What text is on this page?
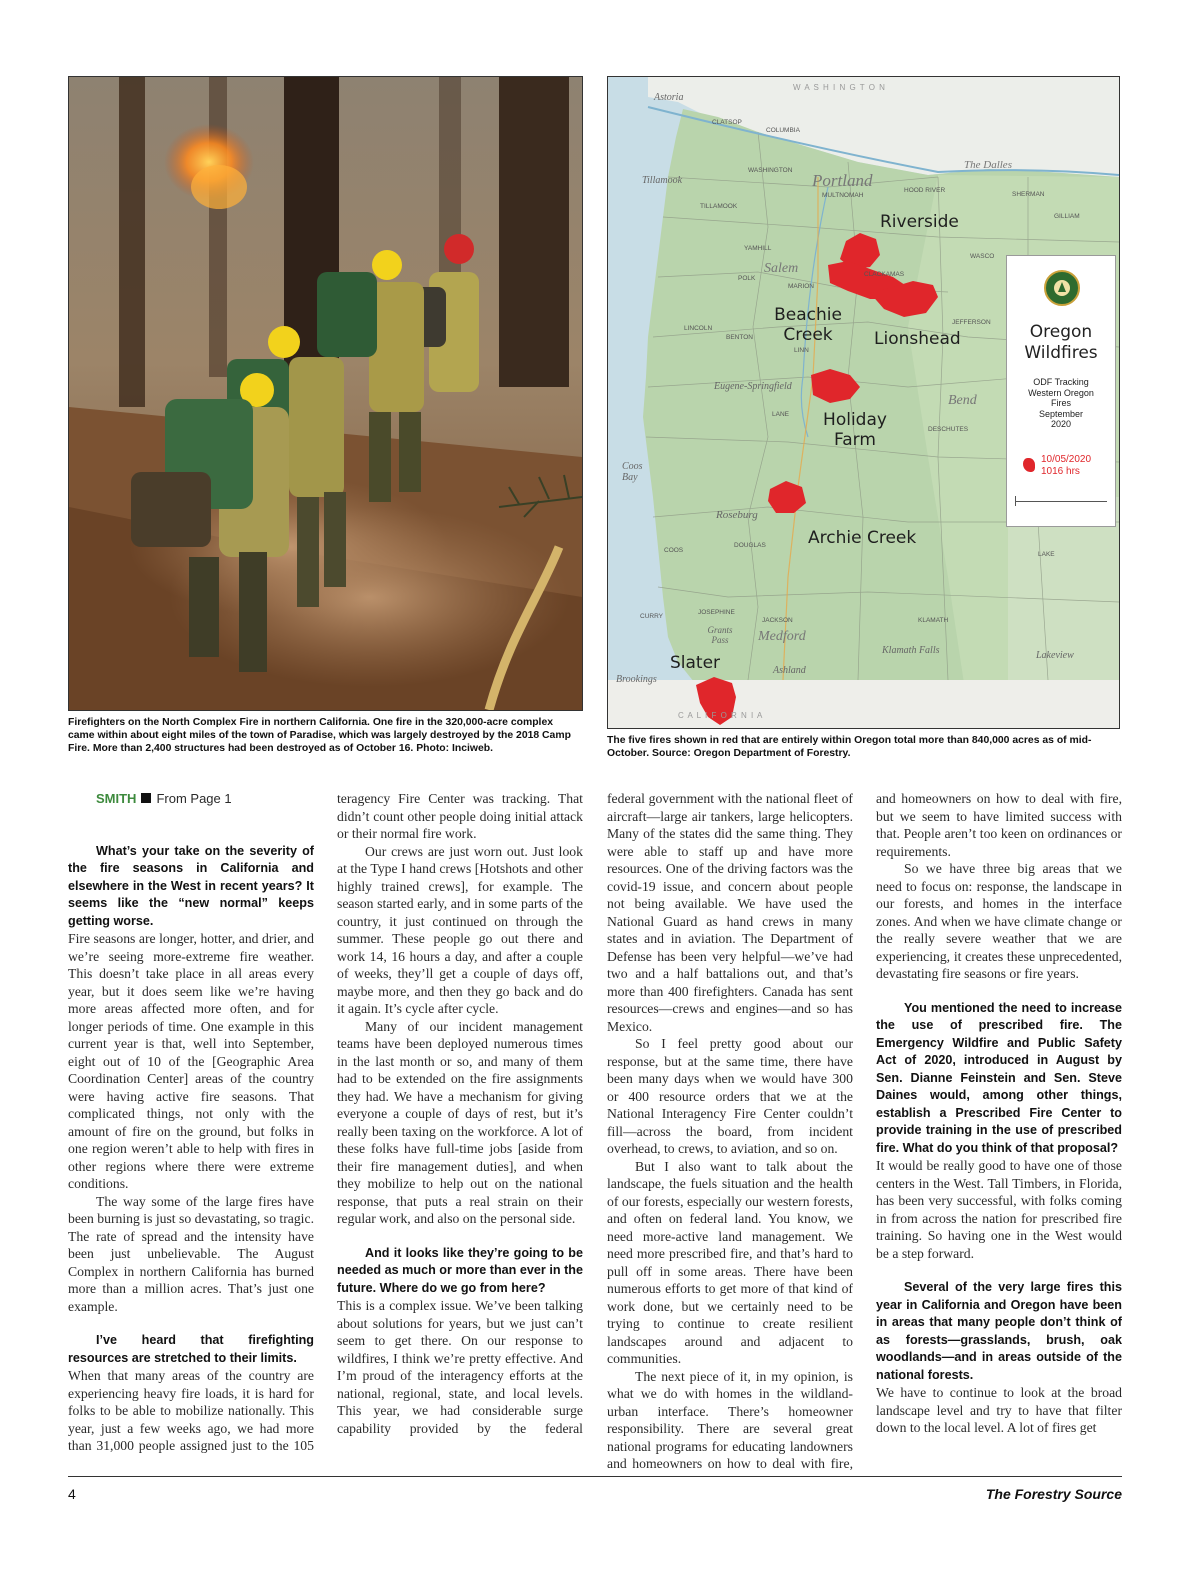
Firefighters on the North Complex Fire in northern California. One fire in the 320,000-acre complex came within about eight miles of the town of Paradise, which was largely destroyed by the 2018 Camp Fire. More than 2,400 structures had been destroyed as of October 16. Photo: Inciweb.
W A S H I N G T O N
C A L I F O R N I A
Astoria
Tillamook	Portland
The Dalles
Salem
Eugene-Springfield
Bend
Coos Bay
Roseburg
Grants Pass	Medford
Ashland
Klamath Falls	Lakeview
Brookings
CLATSOP
COLUMBIA
WASHINGTON
TILLAMOOK
MULTNOMAH
HOOD RIVER
SHERMAN
GILLIAM
WASCO
YAMHILL
POLK
MARION
CLACKAMAS
LINCOLN
BENTON
LINN
JEFFERSON
LANE
DESCHUTES
DOUGLAS
COOS
CURRY
JOSEPHINE
JACKSON	KLAMATH
LAKE
Riverside
Beachie Creek	Lionshead
Holiday Farm
Archie Creek
Slater
Oregon
Wildfires
ODF Tracking
Western Oregon
Fires
September
2020
10/05/2020
1016 hrs
The five fires shown in red that are entirely within Oregon total more than 840,000 acres as of mid-October. Source: Oregon Department of Forestry.

SMITH From Page 1

What’s your take on the severity of the fire seasons in California and elsewhere in the West in recent years? It seems like the “new normal” keeps getting worse.

Fire seasons are longer, hotter, and drier, and we’re seeing more-extreme fire weather. This doesn’t take place in all areas every year, but it does seem like we’re having more areas affected more often, and for longer periods of time. One example in this current year is that, well into September, eight out of 10 of the [Geographic Area Coordination Center] areas of the country were having active fire seasons. That complicated things, not only with the amount of fire on the ground, but folks in one region weren’t able to help with fires in other regions where there were extreme conditions.

The way some of the large fires have been burning is just so devastating, so tragic. The rate of spread and the intensity have been just unbelievable. The August Complex in northern California has burned more than a million acres. That’s just one example.

I’ve heard that firefighting resources are stretched to their limits.

When that many areas of the country are experiencing heavy fire loads, it is hard for folks to be able to mobilize nationally. This year, just a few weeks ago, we had more than 31,000 people assigned just to the 105

teragency Fire Center was tracking. That didn’t count other people doing initial attack or their normal fire work.

Our crews are just worn out. Just look at the Type I hand crews [Hotshots and other highly trained crews], for example. The season started early, and in some parts of the country, it just continued on through the summer. These people go out there and work 14, 16 hours a day, and after a couple of weeks, they’ll get a couple of days off, maybe more, and then they go back and do it again. It’s cycle after cycle.

Many of our incident management teams have been deployed numerous times in the last month or so, and many of them had to be extended on the fire assignments they had. We have a mechanism for giving everyone a couple of days of rest, but it’s really been taxing on the workforce. A lot of these folks have full-time jobs [aside from their fire management duties], and when they mobilize to help out on the national response, that puts a real strain on their regular work, and also on the personal side.

And it looks like they’re going to be needed as much or more than ever in the future. Where do we go from here?

This is a complex issue. We’ve been talking about solutions for years, but we just can’t seem to get there. On our response to wildfires, I think we’re pretty effective. And I’m proud of the interagency efforts at the national, regional, state, and local levels. This year, we had considerable surge capability provided by the federal

federal government with the national fleet of aircraft—large air tankers, large helicopters. Many of the states did the same thing. They were able to staff up and have more resources. One of the driving factors was the covid-19 issue, and concern about people not being available. We have used the National Guard as hand crews in many states and in aviation. The Department of Defense has been very helpful—we’ve had two and a half battalions out, and that’s more than 400 firefighters. Canada has sent resources—crews and engines—and so has Mexico.

So I feel pretty good about our response, but at the same time, there have been many days when we would have 300 or 400 resource orders that we at the National Interagency Fire Center couldn’t fill—across the board, from incident overhead, to crews, to aviation, and so on.

But I also want to talk about the landscape, the fuels situation and the health of our forests, especially our western forests, and often on federal land. You know, we need more-active land management. We need more prescribed fire, and that’s hard to pull off in some areas. There have been numerous efforts to get more of that kind of work done, but we certainly need to be trying to continue to create resilient landscapes around and adjacent to communities.

The next piece of it, in my opinion, is what we do with homes in the wildland-urban interface. There’s homeowner responsibility. There are several great national programs for educating landowners and homeowners on how to deal with fire,

and homeowners on how to deal with fire, but we seem to have limited success with that. People aren’t too keen on ordinances or requirements.

So we have three big areas that we need to focus on: response, the landscape in our forests, and homes in the interface zones. And when we have climate change or the really severe weather that we are experiencing, it creates these unprecedented, devastating fire seasons or fire years.

You mentioned the need to increase the use of prescribed fire. The Emergency Wildfire and Public Safety Act of 2020, introduced in August by Sen. Dianne Feinstein and Sen. Steve Daines would, among other things, establish a Prescribed Fire Center to provide training in the use of prescribed fire. What do you think of that proposal?

It would be really good to have one of those centers in the West. Tall Timbers, in Florida, has been very successful, with folks coming in from across the nation for prescribed fire training. So having one in the West would be a step forward.

Several of the very large fires this year in California and Oregon have been in areas that many people don’t think of as forests—grasslands, brush, oak woodlands—and in areas outside of the national forests.

We have to continue to look at the broad landscape level and try to have that filter down to the local level. A lot of fires get

4	The Forestry Source
